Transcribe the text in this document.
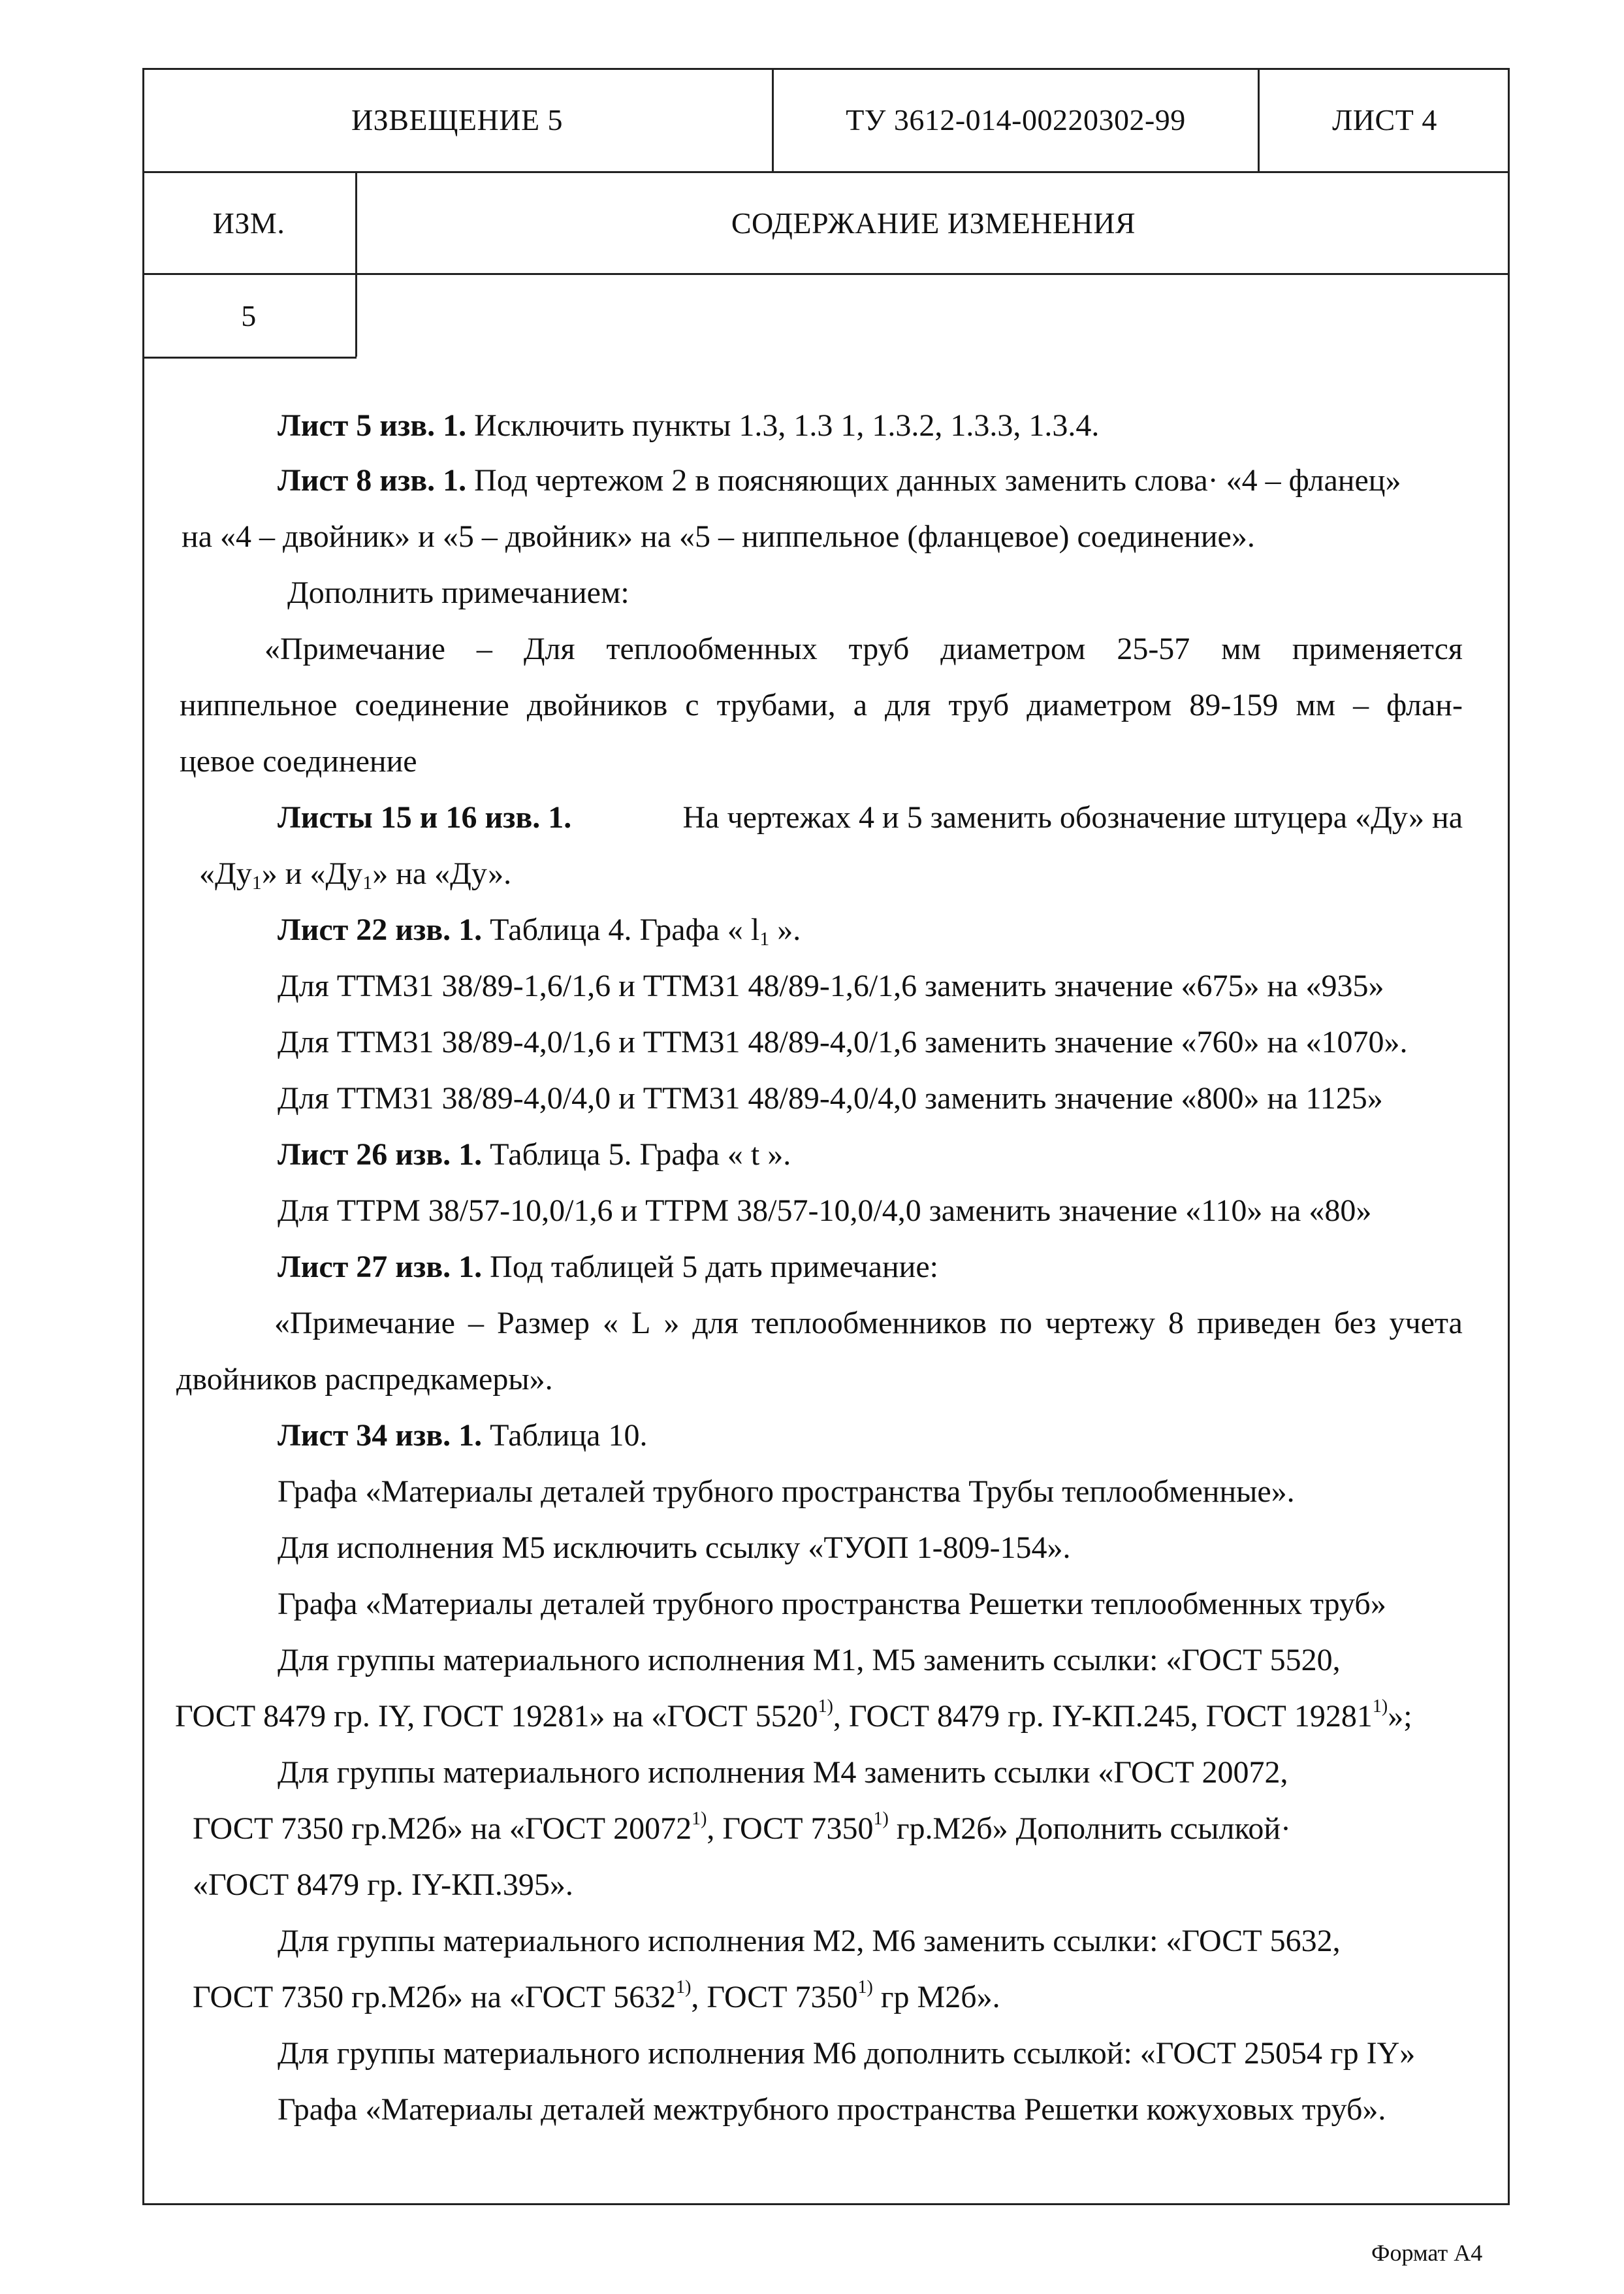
ИЗВЕЩЕНИЕ 5	ТУ 3612-014-00220302-99	ЛИСТ 4
ИЗМ.	СОДЕРЖАНИЕ ИЗМЕНЕНИЯ
5
Лист 5 изв. 1. Исключить пункты 1.3, 1.3 1, 1.3.2, 1.3.3, 1.3.4.
Лист 8 изв. 1. Под чертежом 2 в поясняющих данных заменить слова· «4 – фланец»
на «4 – двойник» и «5 – двойник» на «5 – ниппельное (фланцевое) соединение».
Дополнить примечанием:
«Примечание – Для теплообменных труб диаметром 25-57 мм применяется
ниппельное соединение двойников с трубами, а для труб диаметром 89-159 мм – флан-
цевое соединение
Листы 15 и 16 изв. 1.	На чертежах 4 и 5 заменить обозначение штуцера «Ду» на
«$Ду_1$» и «$Ду_1$» на «Ду».
Лист 22 изв. 1. Таблица 4. Графа « $l_1$ ».
Для ТТМ31 38/89-1,6/1,6 и ТТМ31 48/89-1,6/1,6 заменить значение «675» на «935»
Для ТТМ31 38/89-4,0/1,6 и ТТМ31 48/89-4,0/1,6 заменить значение «760» на «1070».
Для ТТМ31 38/89-4,0/4,0 и ТТМ31 48/89-4,0/4,0 заменить значение «800» на 1125»
Лист 26 изв. 1. Таблица 5. Графа « t ».
Для ТТРМ 38/57-10,0/1,6 и ТТРМ 38/57-10,0/4,0 заменить значение «110» на «80»
Лист 27 изв. 1. Под таблицей 5 дать примечание:
«Примечание – Размер « L » для теплообменников по чертежу 8 приведен без учета
двойников распредкамеры».
Лист 34 изв. 1. Таблица 10.
Графа «Материалы деталей трубного пространства Трубы теплообменные».
Для исполнения М5 исключить ссылку «ТУОП 1-809-154».
Графа «Материалы деталей трубного пространства Решетки теплообменных труб»
Для группы материального исполнения М1, М5 заменить ссылки: «ГОСТ 5520,
ГОСТ 8479 гр. IY, ГОСТ 19281» на «ГОСТ 5520$^{1)}$, ГОСТ 8479 гр. IY-КП.245, ГОСТ 19281$^{1)}$»;
Для группы материального исполнения М4 заменить ссылки «ГОСТ 20072,
ГОСТ 7350 гр.М2б» на «ГОСТ 20072$^{1)}$, ГОСТ 7350$^{1)}$ гр.М2б» Дополнить ссылкой·
«ГОСТ 8479 гр. IY-КП.395».
Для группы материального исполнения М2, М6 заменить ссылки: «ГОСТ 5632,
ГОСТ 7350 гр.М2б» на «ГОСТ 5632$^{1)}$, ГОСТ 7350$^{1)}$ гр М2б».
Для группы материального исполнения М6 дополнить ссылкой: «ГОСТ 25054 гр IY»
Графа «Материалы деталей межтрубного пространства Решетки кожуховых труб».
Формат А4
